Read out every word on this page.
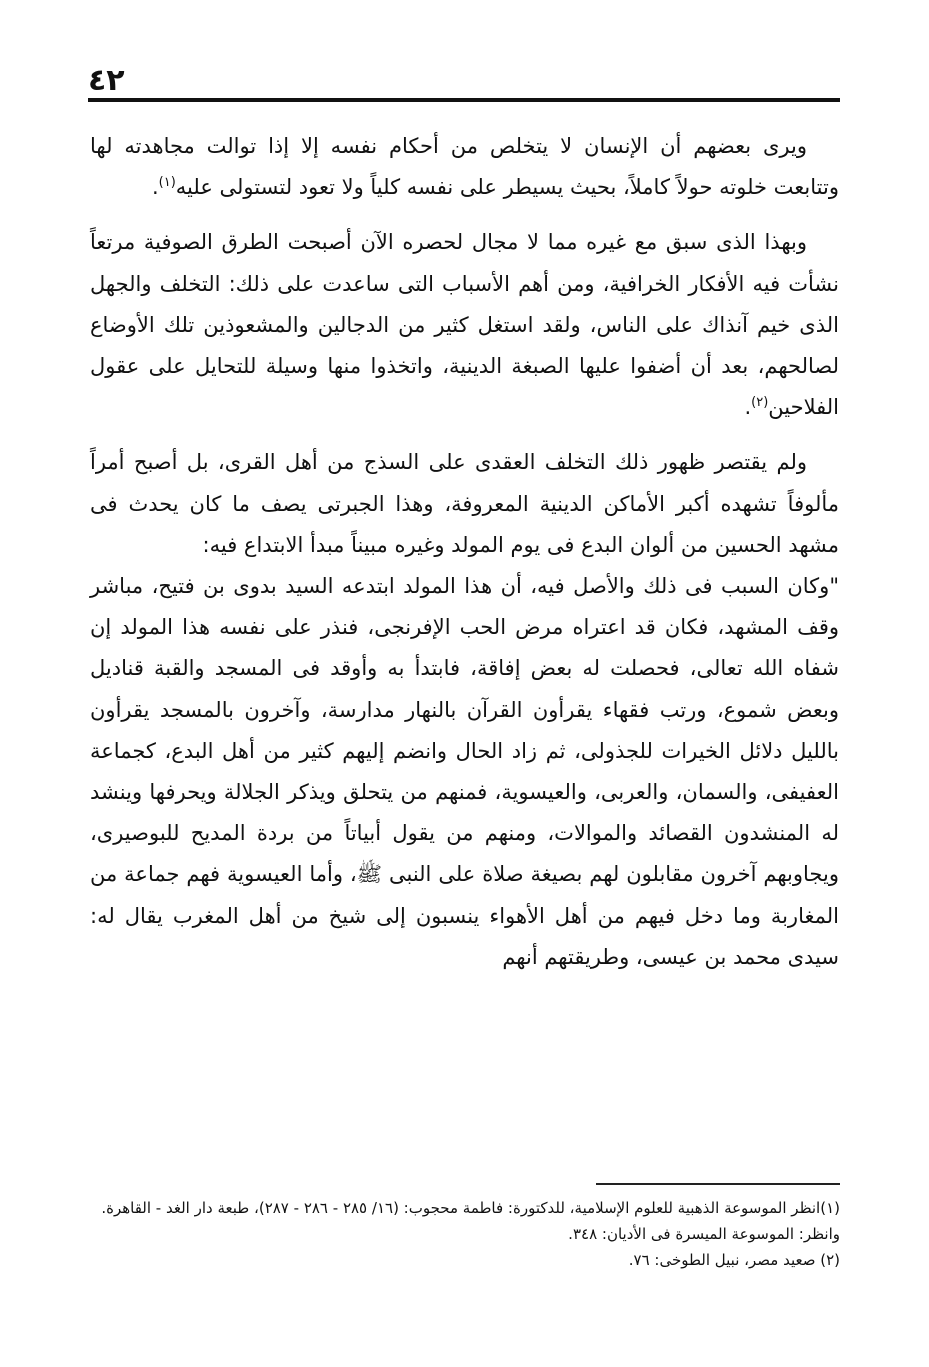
٤٢

ويرى بعضهم أن الإنسان لا يتخلص من أحكام نفسه إلا إذا توالت مجاهدته لها وتتابعت خلوته حولاً كاملاً، بحيث يسيطر على نفسه كلياً ولا تعود لتستولى عليه$^{(١)}$.

وبهذا الذى سبق مع غيره مما لا مجال لحصره الآن أصبحت الطرق الصوفية مرتعاً نشأت فيه الأفكار الخرافية، ومن أهم الأسباب التى ساعدت على ذلك: التخلف والجهل الذى خيم آنذاك على الناس، ولقد استغل كثير من الدجالين والمشعوذين تلك الأوضاع لصالحهم، بعد أن أضفوا عليها الصبغة الدينية، واتخذوا منها وسيلة للتحايل على عقول الفلاحين$^{(٢)}$.

ولم يقتصر ظهور ذلك التخلف العقدى على السذج من أهل القرى، بل أصبح أمراً مألوفاً تشهده أكبر الأماكن الدينية المعروفة، وهذا الجبرتى يصف ما كان يحدث فى مشهد الحسين من ألوان البدع فى يوم المولد وغيره مبيناً مبدأ الابتداع فيه:

"وكان السبب فى ذلك والأصل فيه، أن هذا المولد ابتدعه السيد بدوى بن فتيح، مباشر وقف المشهد، فكان قد اعتراه مرض الحب الإفرنجى، فنذر على نفسه هذا المولد إن شفاه الله تعالى، فحصلت له بعض إفاقة، فابتدأ به وأوقد فى المسجد والقبة قناديل وبعض شموع، ورتب فقهاء يقرأون القرآن بالنهار مدارسة، وآخرون بالمسجد يقرأون بالليل دلائل الخيرات للجذولى، ثم زاد الحال وانضم إليهم كثير من أهل البدع، كجماعة العفيفى، والسمان، والعربى، والعيسوية، فمنهم من يتحلق ويذكر الجلالة ويحرفها وينشد له المنشدون القصائد والموالات، ومنهم من يقول أبياتاً من بردة المديح للبوصيرى، ويجاوبهم آخرون مقابلون لهم بصيغة صلاة على النبى ﷺ، وأما العيسوية فهم جماعة من المغاربة وما دخل فيهم من أهل الأهواء ينسبون إلى شيخ من أهل المغرب يقال له: سيدى محمد بن عيسى، وطريقتهم أنهم

(١)انظر الموسوعة الذهبية للعلوم الإسلامية، للدكتورة: فاطمة محجوب: (١٦/ ٢٨٥ - ٢٨٦ - ٢٨٧)، طبعة دار الغد - القاهرة. وانظر: الموسوعة الميسرة فى الأديان: ٣٤٨.

(٢) صعيد مصر، نبيل الطوخى: ٧٦.
